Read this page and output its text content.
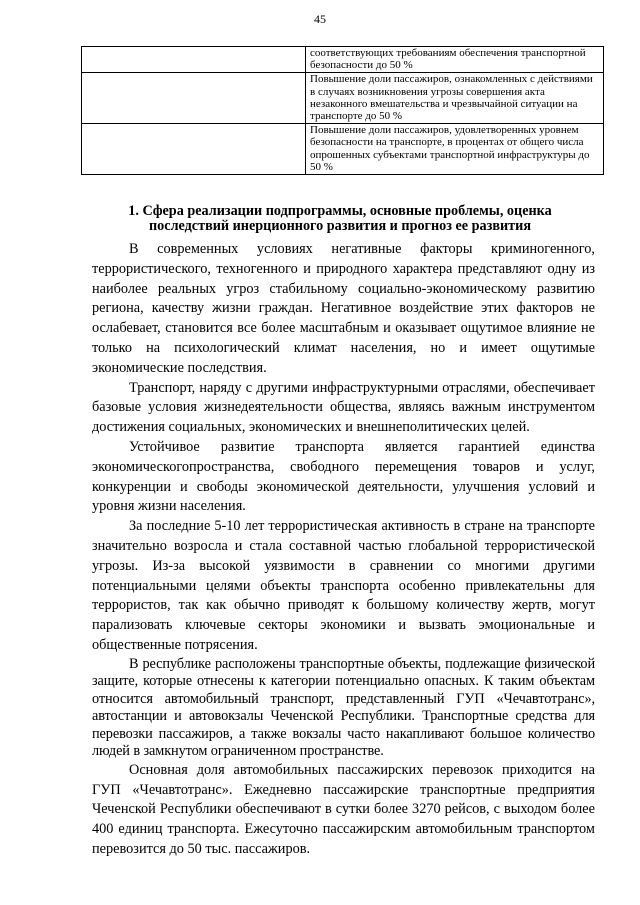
45
	соответствующих требованиям обеспечения транспортной безопасности до 50 %
	Повышение доли пассажиров, ознакомленных с действиями в случаях возникновения угрозы совершения акта незаконного вмешательства и чрезвычайной ситуации на транспорте до 50 %
	Повышение доли пассажиров, удовлетворенных уровнем безопасности на транспорте, в процентах от общего числа опрошенных субъектами транспортной инфраструктуры до 50 %
1. Сфера реализации подпрограммы, основные проблемы, оценка последствий инерционного развития и прогноз ее развития

В современных условиях негативные факторы криминогенного, террористического, техногенного и природного характера представляют одну из наиболее реальных угроз стабильному социально-экономическому развитию региона, качеству жизни граждан. Негативное воздействие этих факторов не ослабевает, становится все более масштабным и оказывает ощутимое влияние не только на психологический климат населения, но и имеет ощутимые экономические последствия.

Транспорт, наряду с другими инфраструктурными отраслями, обеспечивает базовые условия жизнедеятельности общества, являясь важным инструментом достижения социальных, экономических и внешнеполитических целей.

Устойчивое развитие транспорта является гарантией единства экономическогопространства, свободного перемещения товаров и услуг, конкуренции и свободы экономической деятельности, улучшения условий и уровня жизни населения.

За последние 5-10 лет террористическая активность в стране на транспорте значительно возросла и стала составной частью глобальной террористической угрозы. Из-за высокой уязвимости в сравнении со многими другими потенциальными целями объекты транспорта особенно привлекательны для террористов, так как обычно приводят к большому количеству жертв, могут парализовать ключевые секторы экономики и вызвать эмоциональные и общественные потрясения.

В республике расположены транспортные объекты, подлежащие физической защите, которые отнесены к категории потенциально опасных. К таким объектам относится автомобильный транспорт, представленный ГУП «Чечавтотранс», автостанции и автовокзалы Чеченской Республики. Транспортные средства для перевозки пассажиров, а также вокзалы часто накапливают большое количество людей в замкнутом ограниченном пространстве.

Основная доля автомобильных пассажирских перевозок приходится на ГУП «Чечавтотранс». Ежедневно пассажирские транспортные предприятия Чеченской Республики обеспечивают в сутки более 3270 рейсов, с выходом более 400 единиц транспорта. Ежесуточно пассажирским автомобильным транспортом перевозится до 50 тыс. пассажиров.
